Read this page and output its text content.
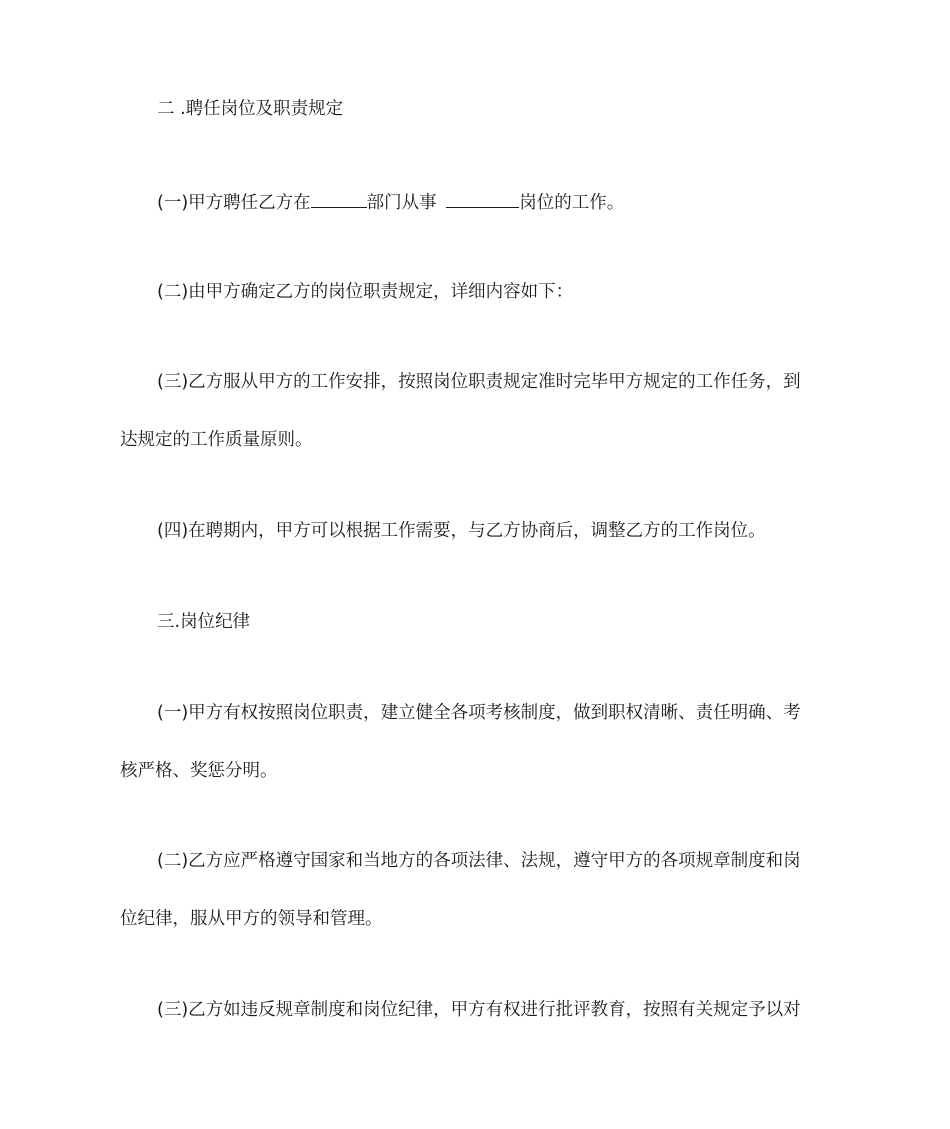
二 .聘任岗位及职责规定

(一)甲方聘任乙方在	部门从事	岗位的工作。

(二)由甲方确定乙方的岗位职责规定，详细内容如下：

(三)乙方服从甲方的工作安排，按照岗位职责规定准时完毕甲方规定的工作任务，到

达规定的工作质量原则。

(四)在聘期内，甲方可以根据工作需要，与乙方协商后，调整乙方的工作岗位。

三.岗位纪律

(一)甲方有权按照岗位职责，建立健全各项考核制度，做到职权清晰、责任明确、考

核严格、奖惩分明。

(二)乙方应严格遵守国家和当地方的各项法律、法规，遵守甲方的各项规章制度和岗

位纪律，服从甲方的领导和管理。

(三)乙方如违反规章制度和岗位纪律，甲方有权进行批评教育，按照有关规定予以对
